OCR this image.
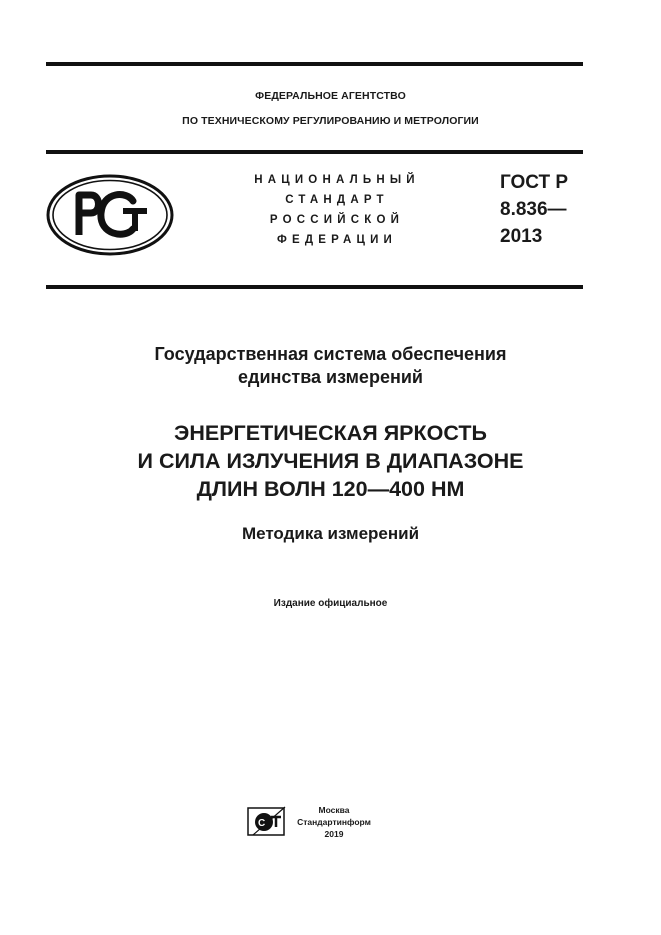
ФЕДЕРАЛЬНОЕ АГЕНТСТВО
ПО ТЕХНИЧЕСКОМУ РЕГУЛИРОВАНИЮ И МЕТРОЛОГИИ
НАЦИОНАЛЬНЫЙ
СТАНДАРТ
РОССИЙСКОЙ
ФЕДЕРАЦИИ
ГОСТ Р
8.836—
2013
Государственная система обеспечения
единства измерений
ЭНЕРГЕТИЧЕСКАЯ ЯРКОСТЬ
И СИЛА ИЗЛУЧЕНИЯ В ДИАПАЗОНЕ
ДЛИН ВОЛН 120—400 НМ
Методика измерений
Издание официальное
С
Москва
Стандартинформ
2019
